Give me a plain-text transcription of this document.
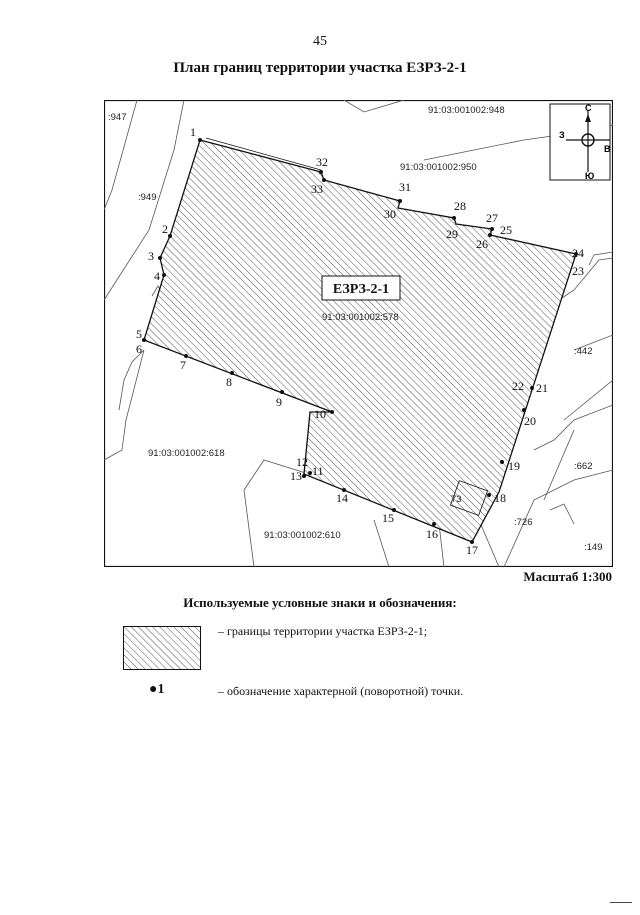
45
План границ территории участка ЕЗРЗ-2-1
1
2
3
4
5
6
7
8
9
10
11
12
13
14
15
16
17
18
19
20
21
22
23
24
25
26
27
28
29
30
31
32
33
:947
91:03:001002:948
91:03:001002:950
:949
91:03:001002:578
:442
91:03:001002:618
:662
:726
91:03:001002:610
:149
73
ЕЗРЗ-2-1
С
Ю
З
В
Масштаб 1:300
Используемые условные знаки и обозначения:
– границы территории участка ЕЗРЗ-2-1;
●1	– обозначение характерной (поворотной) точки.
